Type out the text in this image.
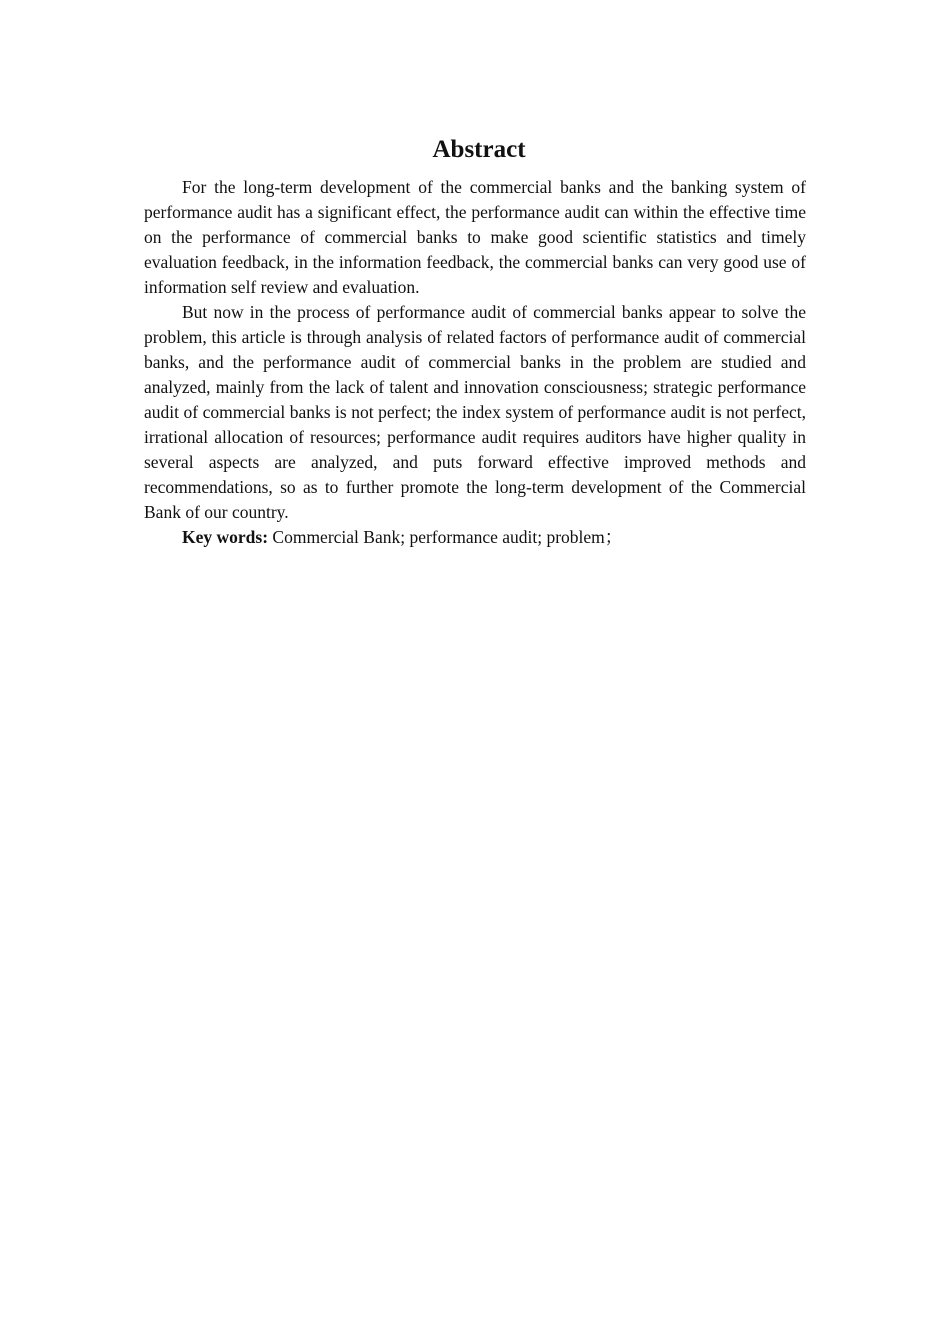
Abstract

For the long-term development of the commercial banks and the banking system of performance audit has a significant effect, the performance audit can within the effective time on the performance of commercial banks to make good scientific statistics and timely evaluation feedback, in the information feedback, the commercial banks can very good use of information self review and evaluation.

But now in the process of performance audit of commercial banks appear to solve the problem, this article is through analysis of related factors of performance audit of commercial banks, and the performance audit of commercial banks in the problem are studied and analyzed, mainly from the lack of talent and innovation consciousness; strategic performance audit of commercial banks is not perfect; the index system of performance audit is not perfect, irrational allocation of resources; performance audit requires auditors have higher quality in several aspects are analyzed, and puts forward effective improved methods and recommendations, so as to further promote the long-term development of the Commercial Bank of our country.

Key words: Commercial Bank; performance audit; problem；
